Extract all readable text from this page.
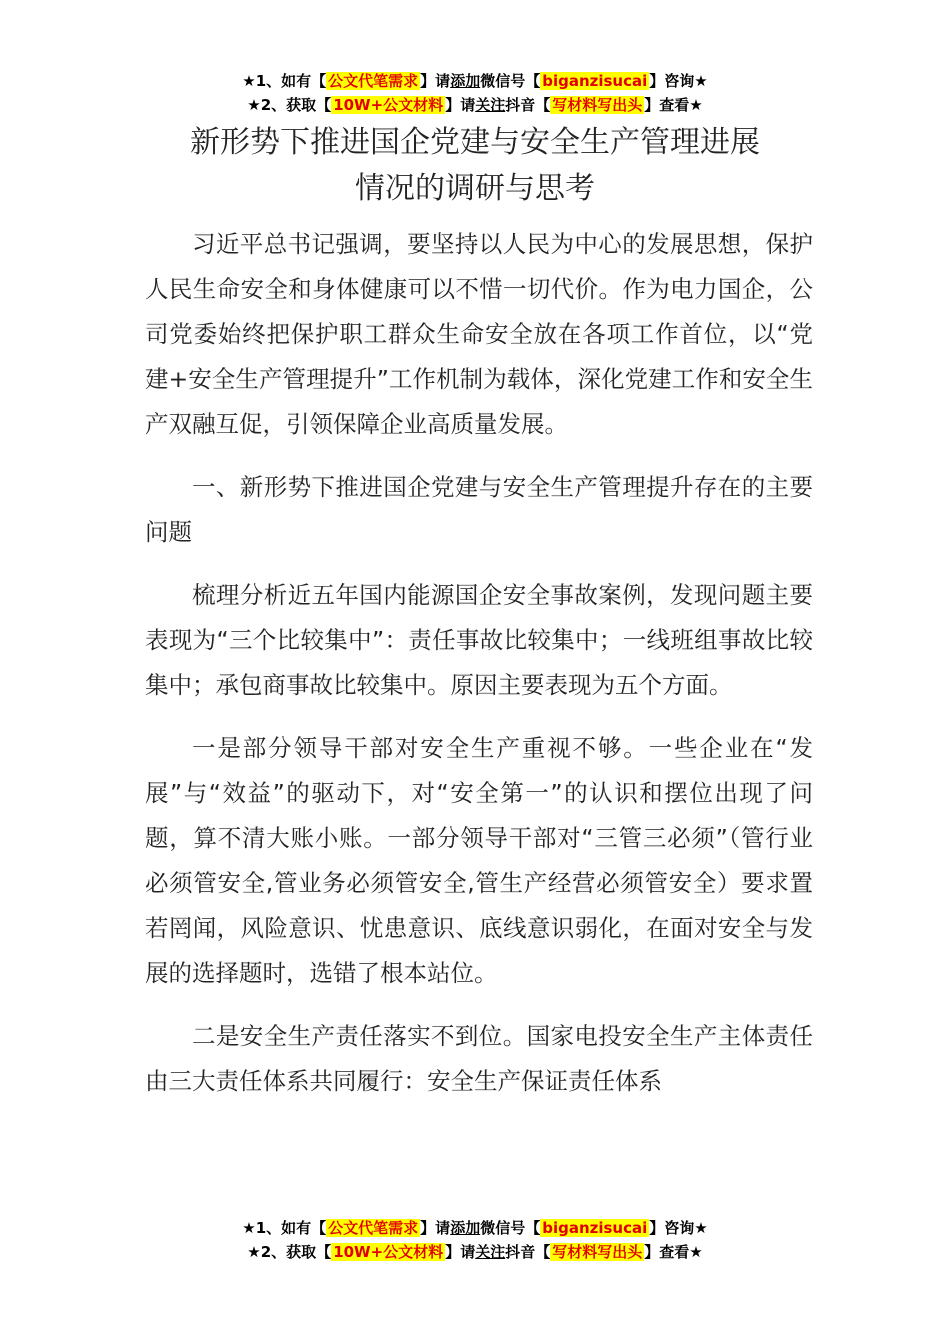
★1、如有【 公文代笔需求 】请添加微信号【 biganzisucai 】咨询★
★2、获取【 10W+公文材料 】请关注抖音【 写材料写出头 】查看★
新形势下推进国企党建与安全生产管理进展
情况的调研与思考

习近平总书记强调，要坚持以人民为中心的发展思想，保护人民生命安全和身体健康可以不惜一切代价。作为电力国企，公司党委始终把保护职工群众生命安全放在各项工作首位，以“党建+安全生产管理提升”工作机制为载体，深化党建工作和安全生产双融互促，引领保障企业高质量发展。

一、新形势下推进国企党建与安全生产管理提升存在的主要问题

梳理分析近五年国内能源国企安全事故案例，发现问题主要表现为“三个比较集中”：责任事故比较集中；一线班组事故比较集中；承包商事故比较集中。原因主要表现为五个方面。

一是部分领导干部对安全生产重视不够。一些企业在“发展”与“效益”的驱动下，对“安全第一”的认识和摆位出现了问题，算不清大账小账。一部分领导干部对“三管三必须”（管行业必须管安全,管业务必须管安全,管生产经营必须管安全）要求置若罔闻，风险意识、忧患意识、底线意识弱化，在面对安全与发展的选择题时，选错了根本站位。

二是安全生产责任落实不到位。国家电投安全生产主体责任由三大责任体系共同履行：安全生产保证责任体系

★1、如有【 公文代笔需求 】请添加微信号【 biganzisucai 】咨询★
★2、获取【 10W+公文材料 】请关注抖音【 写材料写出头 】查看★
